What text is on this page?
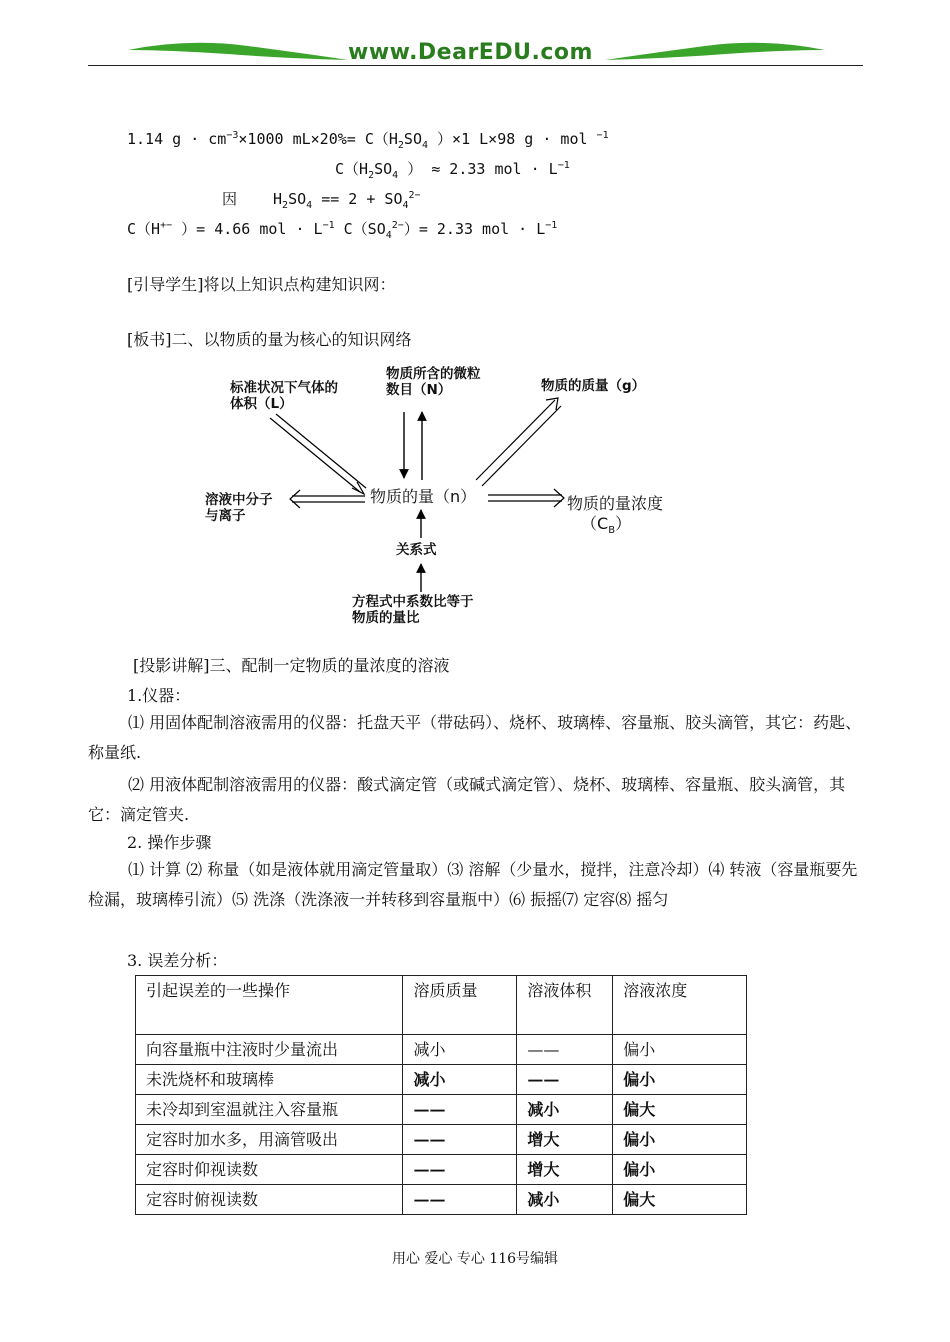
www.DearEDU.com
1.14 $g \cdot cm^{-3}\times 1000$ $mL\times 20\%= C(H_2SO_4$ ）×1 L×98 g · mol $^{-1}$
$C(H_2SO_4$ ） ≈ 2.33 mol · $L^{-1}$
因 $H_2SO_4 == 2 + SO_4^{2-}$
C（H+− ）= 4.66 mol · $L^{-1}$ $C(SO_4^{2-})= 2.33$ mol · $L^{-1}$
[引导学生]将以上知识点构建知识网：
[板书]二、以物质的量为核心的知识网络
标准状况下气体的
体积（L）
物质所含的微粒
数目（N）	物质的质量（g）
物质的量（n）
溶液中分子
与离子
物质的量浓度
$(C_B)$
关系式
方程式中系数比等于
物质的量比
[投影讲解]三、配制一定物质的量浓度的溶液
1.仪器：
⑴ 用固体配制溶液需用的仪器：托盘天平（带砝码）、烧杯、玻璃棒、容量瓶、胶头滴管，其它：药匙、称量纸.
⑵ 用液体配制溶液需用的仪器：酸式滴定管（或碱式滴定管）、烧杯、玻璃棒、容量瓶、胶头滴管，其它：滴定管夹.
2. 操作步骤
⑴ 计算 ⑵ 称量（如是液体就用滴定管量取）⑶ 溶解（少量水，搅拌，注意冷却）⑷ 转液（容量瓶要先检漏，玻璃棒引流）⑸ 洗涤（洗涤液一并转移到容量瓶中）⑹ 振摇⑺ 定容⑻ 摇匀
3. 误差分析：
引起误差的一些操作	溶质质量	溶液体积	溶液浓度
向容量瓶中注液时少量流出	减小	——	偏小
未洗烧杯和玻璃棒	减小	——	偏小
未冷却到室温就注入容量瓶	——	减小	偏大
定容时加水多，用滴管吸出	——	增大	偏小
定容时仰视读数	——	增大	偏小
定容时俯视读数	——	减小	偏大
用心 爱心 专心 116号编辑
